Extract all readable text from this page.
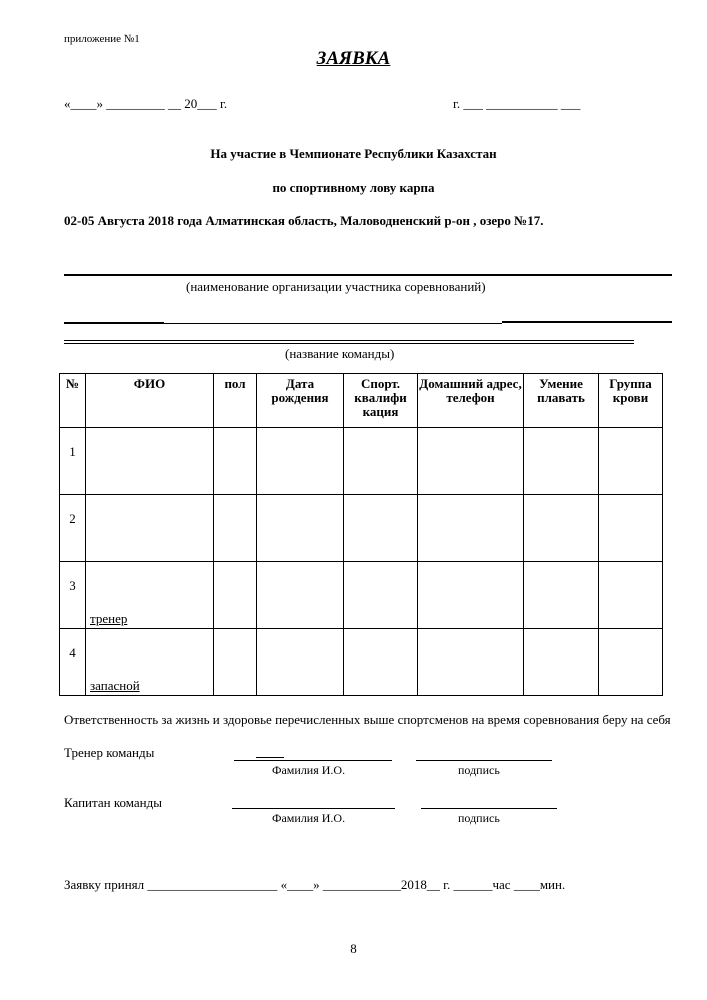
приложение №1
ЗАЯВКА
«____» _________ __ 20___ г.	г. ___ ___________ ___
На участие в Чемпионате Республики Казахстан
по спортивному лову карпа
02-05 Августа 2018 года Алматинская область, Маловодненский р-он , озеро №17.
(наименование организации участника соревнований)
(название команды)
№	ФИО	пол	Дата рождения	Спорт. квалифи кация	Домашний адрес, телефон	Умение плавать	Группа крови

1							

2							

3	тренер						

4	запасной						

Ответственность за жизнь и здоровье перечисленных выше спортсменов на время соревнования беру на себя
Тренер команды
Фамилия И.О.	подпись
Капитан команды
Фамилия И.О.	подпись
Заявку принял ____________________ «____» ____________2018__ г. ______час ____мин.
8
